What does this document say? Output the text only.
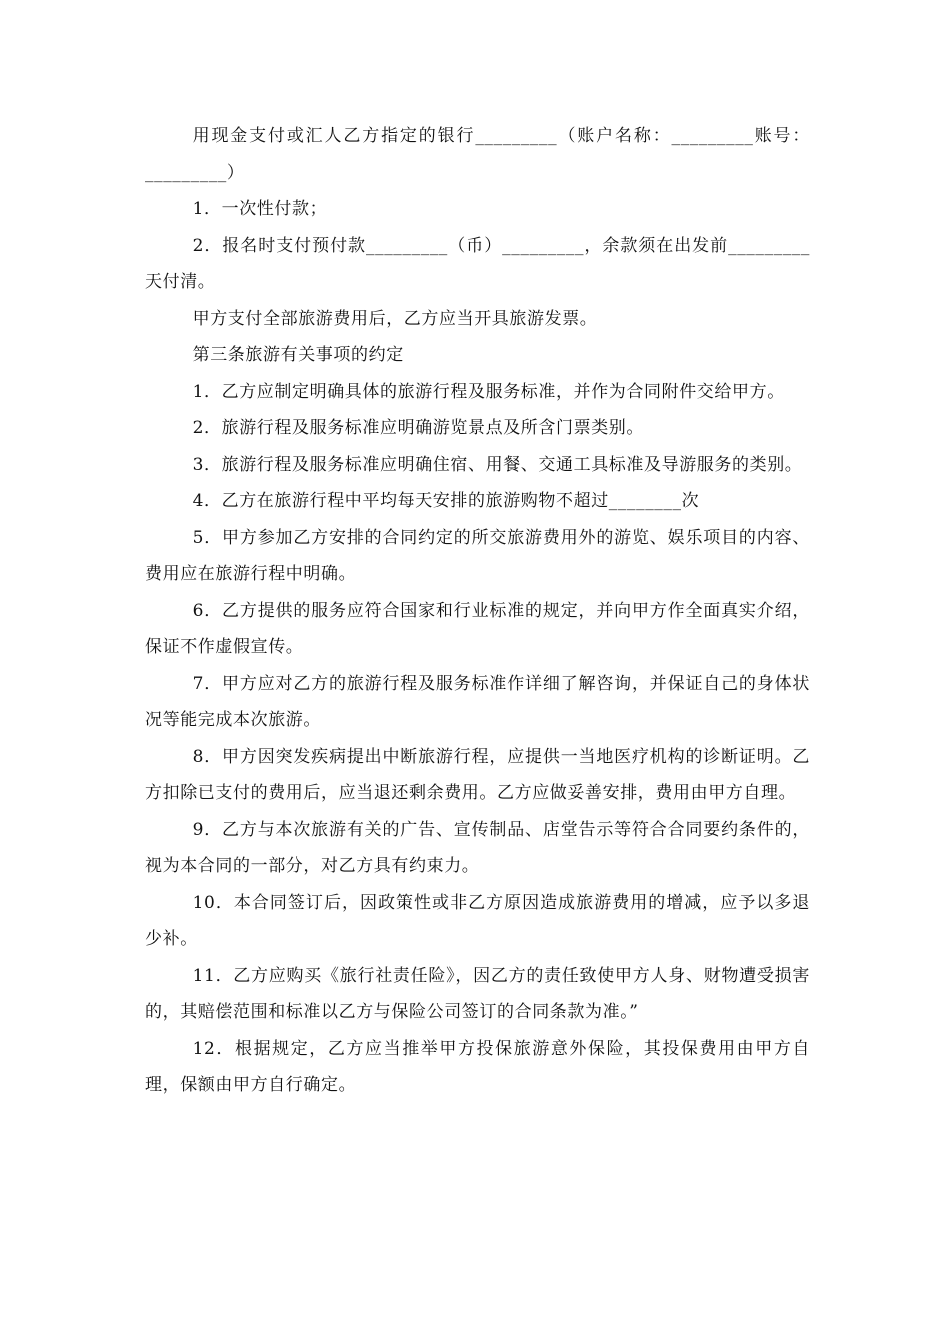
用现金支付或汇人乙方指定的银行_________（账户名称：_________账号：_________）

1．一次性付款；

2．报名时支付预付款_________（币）_________，余款须在出发前_________天付清。

甲方支付全部旅游费用后，乙方应当开具旅游发票。

第三条旅游有关事项的约定

1．乙方应制定明确具体的旅游行程及服务标准，并作为合同附件交给甲方。

2．旅游行程及服务标准应明确游览景点及所含门票类别。

3．旅游行程及服务标准应明确住宿、用餐、交通工具标准及导游服务的类别。

4．乙方在旅游行程中平均每天安排的旅游购物不超过________次

5．甲方参加乙方安排的合同约定的所交旅游费用外的游览、娱乐项目的内容、费用应在旅游行程中明确。

6．乙方提供的服务应符合国家和行业标准的规定，并向甲方作全面真实介绍，保证不作虚假宣传。

7．甲方应对乙方的旅游行程及服务标准作详细了解咨询，并保证自己的身体状况等能完成本次旅游。

8．甲方因突发疾病提出中断旅游行程，应提供一当地医疗机构的诊断证明。乙方扣除已支付的费用后，应当退还剩余费用。乙方应做妥善安排，费用由甲方自理。

9．乙方与本次旅游有关的广告、宣传制品、店堂告示等符合合同要约条件的，视为本合同的一部分，对乙方具有约束力。

10．本合同签订后，因政策性或非乙方原因造成旅游费用的增减，应予以多退少补。

11．乙方应购买《旅行社责任险》，因乙方的责任致使甲方人身、财物遭受损害的，其赔偿范围和标准以乙方与保险公司签订的合同条款为准。”

12．根据规定，乙方应当推举甲方投保旅游意外保险，其投保费用由甲方自理，保额由甲方自行确定。
